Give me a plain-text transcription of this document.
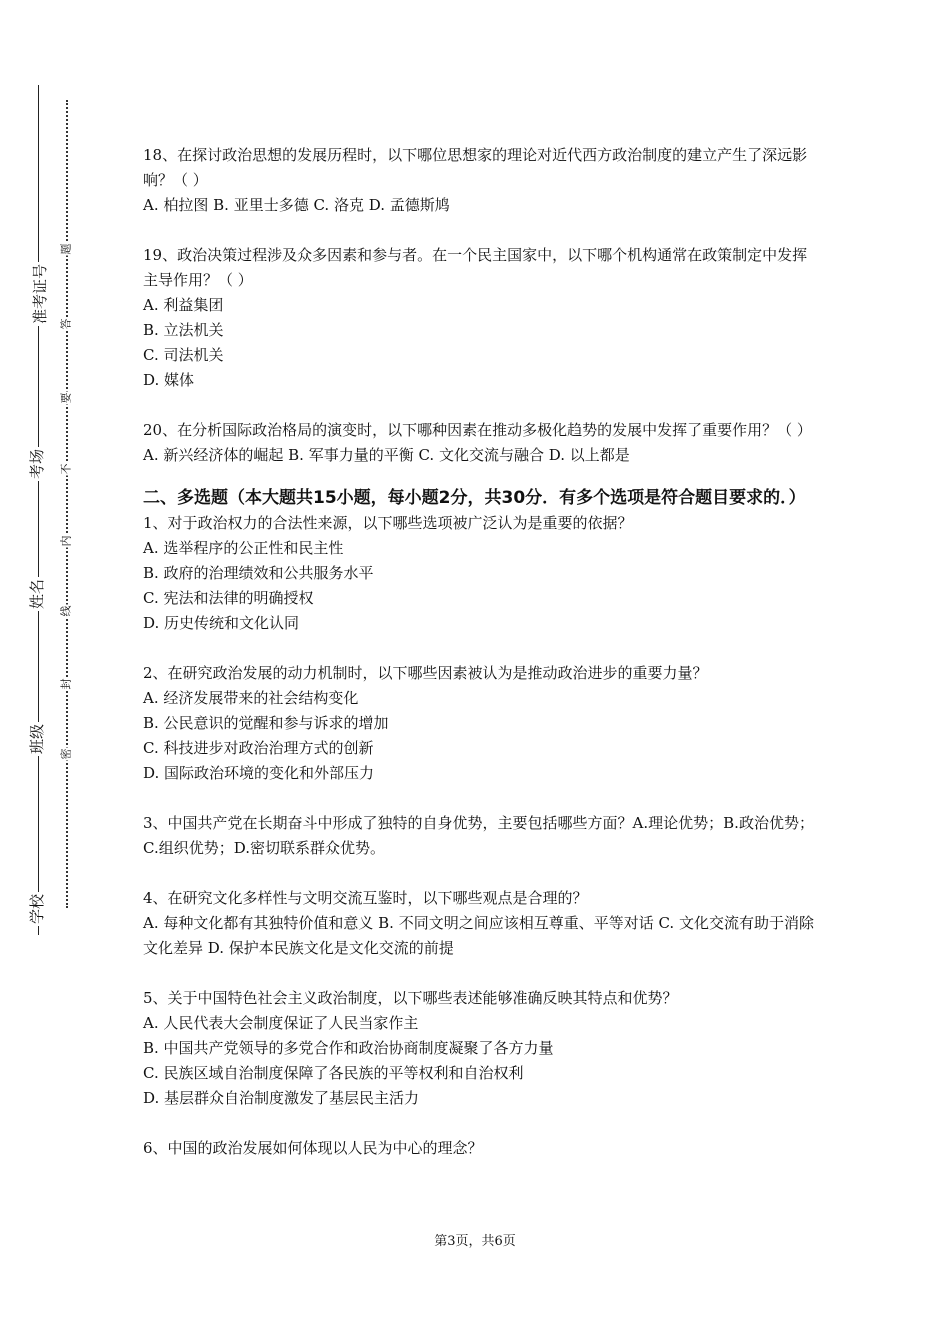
准考证号
考场
姓名
班级
学校
题
答
要
不
内
线
封
密

18、在探讨政治思想的发展历程时，以下哪位思想家的理论对近代西方政治制度的建立产生了深远影响？（ ）

A. 柏拉图 B. 亚里士多德 C. 洛克 D. 孟德斯鸠

19、政治决策过程涉及众多因素和参与者。在一个民主国家中，以下哪个机构通常在政策制定中发挥主导作用？（ ）

A. 利益集团

B. 立法机关

C. 司法机关

D. 媒体

20、在分析国际政治格局的演变时，以下哪种因素在推动多极化趋势的发展中发挥了重要作用？（ ）

A. 新兴经济体的崛起 B. 军事力量的平衡 C. 文化交流与融合 D. 以上都是

二、多选题（本大题共15小题，每小题2分，共30分．有多个选项是符合题目要求的．）

1、对于政治权力的合法性来源，以下哪些选项被广泛认为是重要的依据？

A. 选举程序的公正性和民主性

B. 政府的治理绩效和公共服务水平

C. 宪法和法律的明确授权

D. 历史传统和文化认同

2、在研究政治发展的动力机制时，以下哪些因素被认为是推动政治进步的重要力量？

A. 经济发展带来的社会结构变化

B. 公民意识的觉醒和参与诉求的增加

C. 科技进步对政治治理方式的创新

D. 国际政治环境的变化和外部压力

3、中国共产党在长期奋斗中形成了独特的自身优势，主要包括哪些方面？A.理论优势；B.政治优势；C.组织优势；D.密切联系群众优势。

4、在研究文化多样性与文明交流互鉴时，以下哪些观点是合理的？

A. 每种文化都有其独特价值和意义 B. 不同文明之间应该相互尊重、平等对话 C. 文化交流有助于消除文化差异 D. 保护本民族文化是文化交流的前提

5、关于中国特色社会主义政治制度，以下哪些表述能够准确反映其特点和优势？

A. 人民代表大会制度保证了人民当家作主

B. 中国共产党领导的多党合作和政治协商制度凝聚了各方力量

C. 民族区域自治制度保障了各民族的平等权利和自治权利

D. 基层群众自治制度激发了基层民主活力

6、中国的政治发展如何体现以人民为中心的理念？

第3页，共6页
